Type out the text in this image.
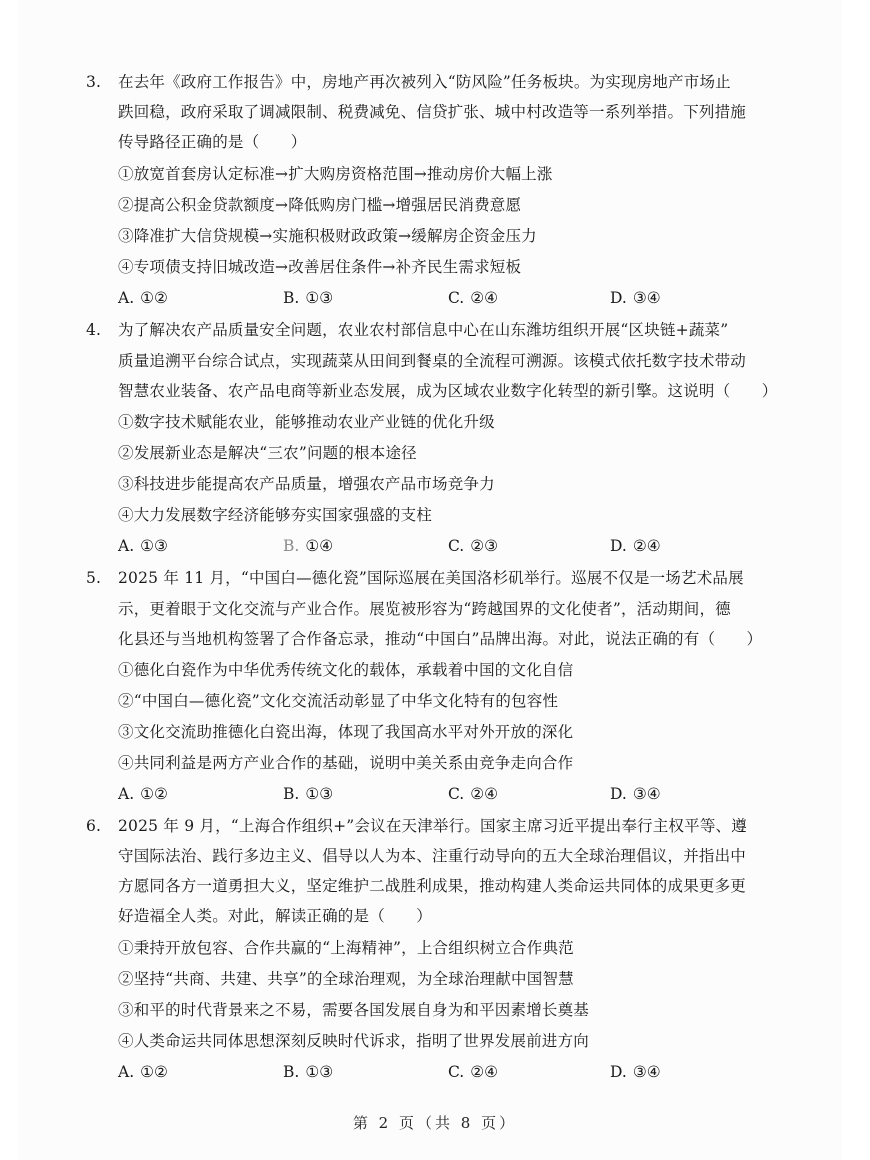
3. 在去年《政府工作报告》中，房地产再次被列入“防风险”任务板块。为实现房地产市场止
跌回稳，政府采取了调减限制、税费减免、信贷扩张、城中村改造等一系列举措。下列措施
传导路径正确的是（　　）
①放宽首套房认定标准→扩大购房资格范围→推动房价大幅上涨
②提高公积金贷款额度→降低购房门槛→增强居民消费意愿
③降准扩大信贷规模→实施积极财政政策→缓解房企资金压力
④专项债支持旧城改造→改善居住条件→补齐民生需求短板
A. ①②	B. ①③	C. ②④	D. ③④
4. 为了解决农产品质量安全问题，农业农村部信息中心在山东潍坊组织开展“区块链+蔬菜”
质量追溯平台综合试点，实现蔬菜从田间到餐桌的全流程可溯源。该模式依托数字技术带动
智慧农业装备、农产品电商等新业态发展，成为区域农业数字化转型的新引擎。这说明（　　）
①数字技术赋能农业，能够推动农业产业链的优化升级
②发展新业态是解决“三农”问题的根本途径
③科技进步能提高农产品质量，增强农产品市场竞争力
④大力发展数字经济能够夯实国家强盛的支柱
A. ①③	B. ①④	C. ②③	D. ②④
5. 2025 年 11 月，“中国白—德化瓷”国际巡展在美国洛杉矶举行。巡展不仅是一场艺术品展
示，更着眼于文化交流与产业合作。展览被形容为“跨越国界的文化使者”，活动期间，德
化县还与当地机构签署了合作备忘录，推动“中国白”品牌出海。对此，说法正确的有（　　）
①德化白瓷作为中华优秀传统文化的载体，承载着中国的文化自信
②“中国白—德化瓷”文化交流活动彰显了中华文化特有的包容性
③文化交流助推德化白瓷出海，体现了我国高水平对外开放的深化
④共同利益是两方产业合作的基础，说明中美关系由竞争走向合作
A. ①②	B. ①③	C. ②④	D. ③④
6. 2025 年 9 月，“上海合作组织+”会议在天津举行。国家主席习近平提出奉行主权平等、遵
守国际法治、践行多边主义、倡导以人为本、注重行动导向的五大全球治理倡议，并指出中
方愿同各方一道勇担大义，坚定维护二战胜利成果，推动构建人类命运共同体的成果更多更
好造福全人类。对此，解读正确的是（　　）
①秉持开放包容、合作共赢的“上海精神”，上合组织树立合作典范
②坚持“共商、共建、共享”的全球治理观，为全球治理献中国智慧
③和平的时代背景来之不易，需要各国发展自身为和平因素增长奠基
④人类命运共同体思想深刻反映时代诉求，指明了世界发展前进方向
A. ①②	B. ①③	C. ②④	D. ③④
第 2 页（共 8 页）
